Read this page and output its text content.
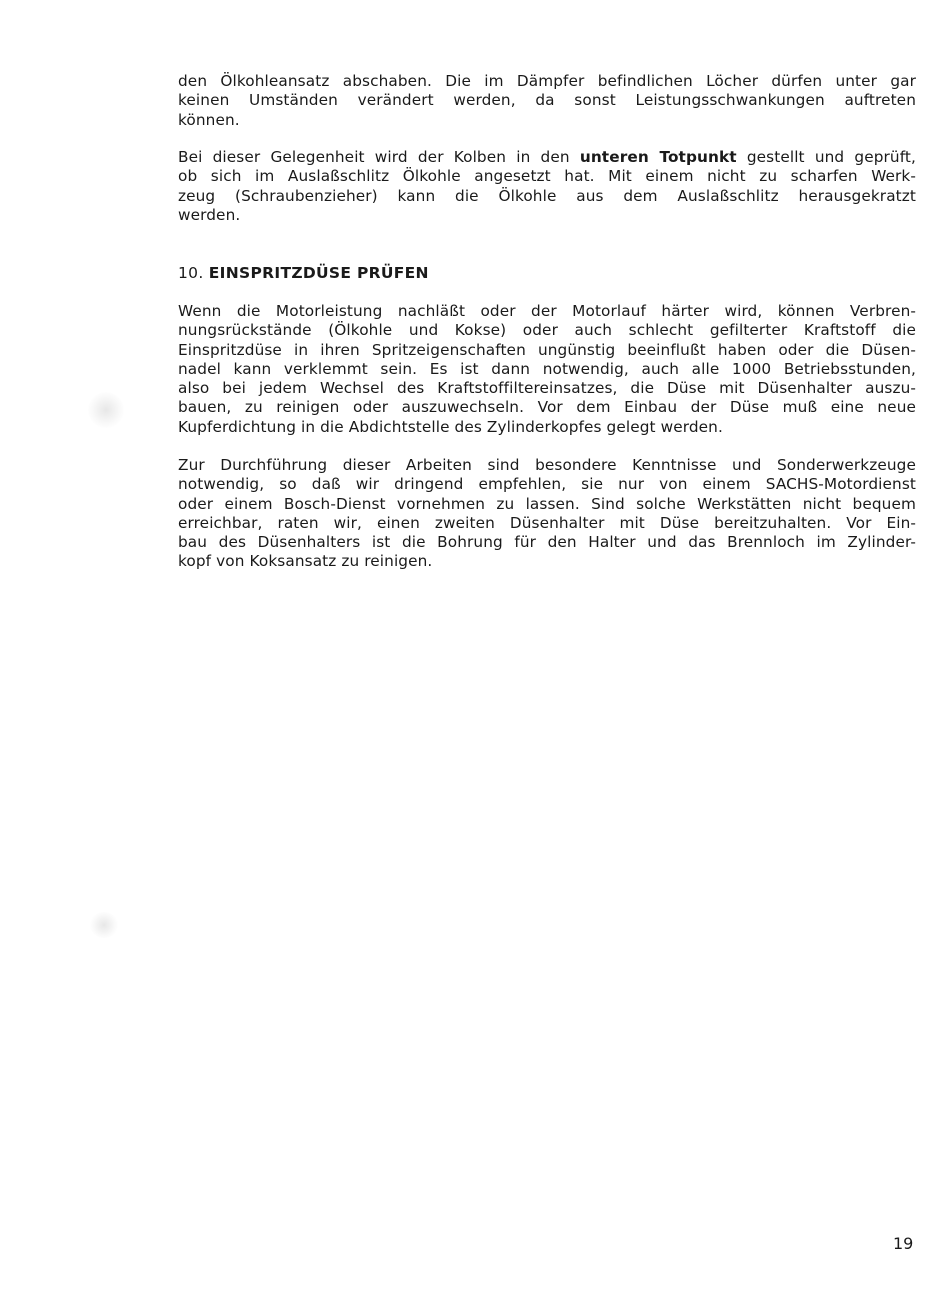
den Ölkohleansatz abschaben. Die im Dämpfer befindlichen Löcher dürfen unter gar
keinen Umständen verändert werden, da sonst Leistungsschwankungen auftreten
können.
Bei dieser Gelegenheit wird der Kolben in den unteren Totpunkt gestellt und geprüft,
ob sich im Auslaßschlitz Ölkohle angesetzt hat. Mit einem nicht zu scharfen Werk-
zeug (Schraubenzieher) kann die Ölkohle aus dem Auslaßschlitz herausgekratzt
werden.
10. EINSPRITZDÜSE PRÜFEN
Wenn die Motorleistung nachläßt oder der Motorlauf härter wird, können Verbren-
nungsrückstände (Ölkohle und Kokse) oder auch schlecht gefilterter Kraftstoff die
Einspritzdüse in ihren Spritzeigenschaften ungünstig beeinflußt haben oder die Düsen-
nadel kann verklemmt sein. Es ist dann notwendig, auch alle 1000 Betriebsstunden,
also bei jedem Wechsel des Kraftstoffiltereinsatzes, die Düse mit Düsenhalter auszu-
bauen, zu reinigen oder auszuwechseln. Vor dem Einbau der Düse muß eine neue
Kupferdichtung in die Abdichtstelle des Zylinderkopfes gelegt werden.
Zur Durchführung dieser Arbeiten sind besondere Kenntnisse und Sonderwerkzeuge
notwendig, so daß wir dringend empfehlen, sie nur von einem SACHS-Motordienst
oder einem Bosch-Dienst vornehmen zu lassen. Sind solche Werkstätten nicht bequem
erreichbar, raten wir, einen zweiten Düsenhalter mit Düse bereitzuhalten. Vor Ein-
bau des Düsenhalters ist die Bohrung für den Halter und das Brennloch im Zylinder-
kopf von Koksansatz zu reinigen.
19
